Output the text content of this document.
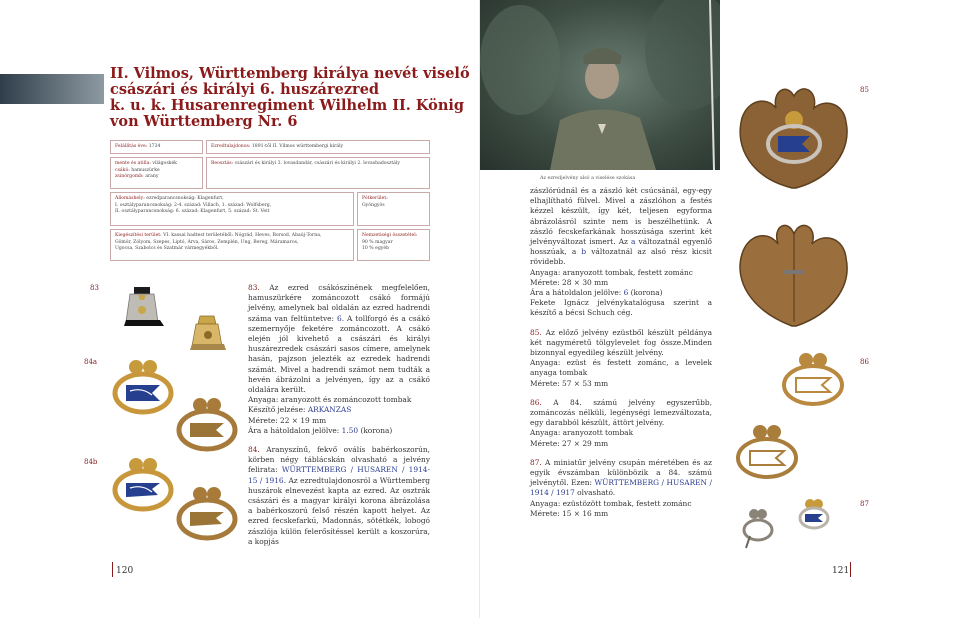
II. Vilmos, Württemberg királya nevét viselő
császári és királyi 6. huszárezred
k. u. k. Husarenregiment Wilhelm II. König
von Württemberg Nr. 6
Felállítás éve: 1734	Ezredtulajdonos: 1891-től II. Vilmos württembergi király
mente és atilla: világoskék
csákó: hamuszürke
zsinórgomb: arany
Beosztás: császári és királyi 3. lovasdandár, császári és királyi 2. lovashadosztály
Állomáshely: ezredparancsnokság: Klagenfurt,
I. osztályparancsnokság: 2-4. század: Villach, 1. század: Wolfsberg,
II. osztályparancsnokság: 6. század: Klagenfurt, 5. század: St. Veit
Pótkerület:
Gyöngyös
Kiegészítési terület: VI. kassai hadtest területéből: Nógrád, Heves, Borsod, Abaúj-Torna,
Gömör, Zólyom, Szepes, Liptó, Árva, Sáros, Zemplén, Ung, Bereg, Máramaros,
Ugocsa, Szabolcs és Szatmár vármegyékből.
Nemzetiségi összetétel:
90 % magyar
10 % egyéb
83
84a
84b

83. Az ezred csákószínének megfelelően, hamuszürkére zománcozott csákó formájú jelvény, amelynek bal oldalán az ezred hadrendi száma van feltüntetve: 6. A tollforgó és a csákó szemernyője feketére zománcozott. A csákó elején jól kivehető a császári és királyi huszárezredek császári sasos címere, amelynek hasán, pajzson jelezték az ezredek hadrendi számát. Mivel a hadrendi számot nem tudták a hevén ábrázolni a jelvényen, így az a csákó oldalára került.
Anyaga: aranyozott és zománcozott tombak
Készítő jelzése: ARKANZAS
Mérete: 22 × 19 mm
Ára a hátoldalon jelölve: 1.50 (korona)

84. Aranyszínű, fekvő oválís babérkoszorún, körben négy táblácskán olvasható a jelvény felirata: WÜRTTEMBERG / HUSAREN / 1914-15 / 1916. Az ezredtulajdonosról a Württemberg huszárok elnevezést kapta az ezred. Az osztrák császári és a magyar királyi korona ábrázolása a babérkoszorú felső részén kapott helyet. Az ezred fecskefarkú, Madonnás, sötétkék, lobogó zászlója külön felerősítéssel került a koszorúra, a kopjás

120
Az ezredjelvény alsó a viselése szokása
85
86
87

zászlórúdnál és a zászló két csúcsánál, egy-egy elhajlítható fülvel. Mivel a zászlóhon a festés kézzel készült, így két, teljesen egyforma ábrázolásról szinte nem is beszélhetünk. A zászló fecskefarkának hosszúsága szerint két jelvényváltozat ismert. Az a változatnál egyenlő hosszúak, a b változatnál az alsó rész kicsit rövidebb.
Anyaga: aranyozott tombak, festett zománc
Mérete: 28 × 30 mm
Ára a hátoldalon jelölve: 6 (korona)
Fekete Ignácz jelvénykatalógusa szerint a készítő a bécsi Schuch cég.

85. Az előző jelvény ezüstből készült példánya két nagyméretű tölgylevelet fog össze.Minden bizonnyal egyedileg készült jelvény.
Anyaga: ezüst és festett zománc, a levelek anyaga tombak
Mérete: 57 × 53 mm

86. A 84. számú jelvény egyszerűbb, zománcozás nélküli, legénységi lemezváltozata, egy darabból készült, áttört jelvény.
Anyaga: aranyozott tombak
Mérete: 27 × 29 mm

87. A miniatűr jelvény csupán méretében és az egyik évszámban különbözik a 84. számú jelvénytől. Ezen: WÜRTTEMBERG / HUSAREN / 1914 / 1917 olvasható.
Anyaga: ezüstözött tombak, festett zománc
Mérete: 15 × 16 mm

121
